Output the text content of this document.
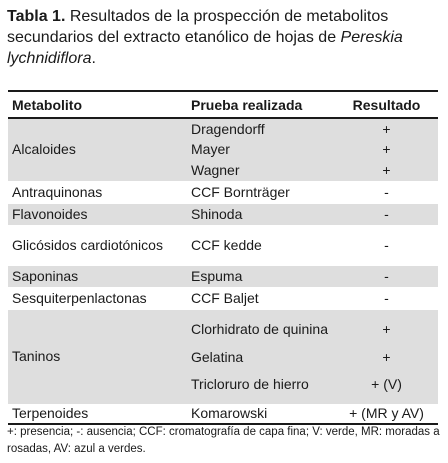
Tabla 1. Resultados de la prospección de metabolitos secundarios del extracto etanólico de hojas de Pereskia lychnidiflora.
Metabolito	Prueba realizada	Resultado
Alcaloides	Dragendorff	+
	Mayer	+
	Wagner	+
Antraquinonas	CCF Bornträger	-
Flavonoides	Shinoda	-
Glicósidos cardiotónicos	CCF kedde	-
Saponinas	Espuma	-
Sesquiterpenlactonas	CCF Baljet	-
Taninos	Clorhidrato de quinina	+
	Gelatina	+
	Tricloruro de hierro	+ (V)
Terpenoides	Komarowski	+ (MR y AV)
+: presencia; -: ausencia; CCF: cromatografía de capa fina; V: verde, MR: moradas a rosadas, AV: azul a verdes.
